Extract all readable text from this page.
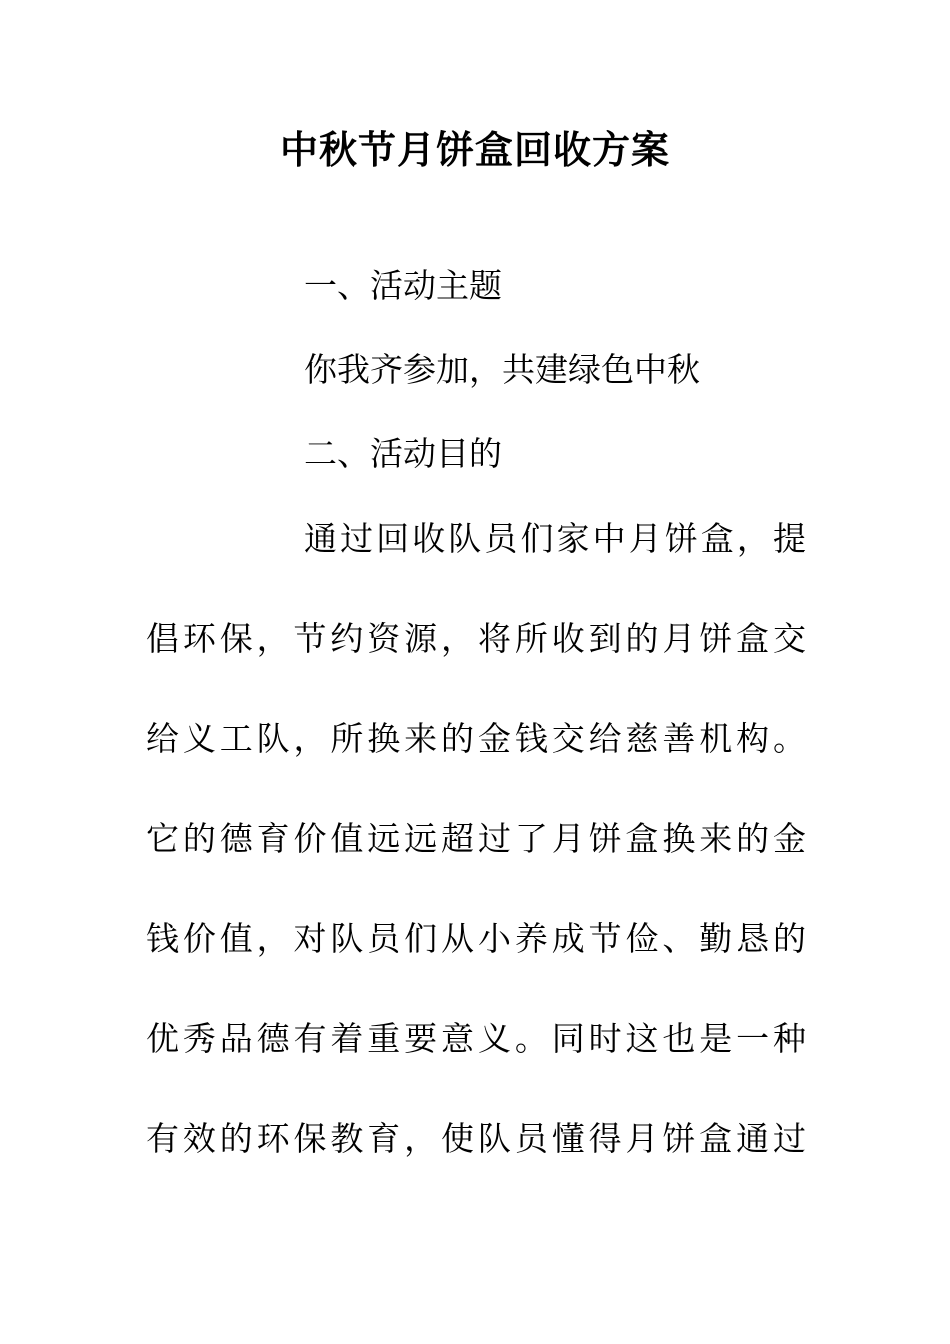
中秋节月饼盒回收方案
一、活动主题
你我齐参加，共建绿色中秋
二、活动目的
通过回收队员们家中月饼盒，提
倡环保，节约资源，将所收到的月饼盒交
给义工队，所换来的金钱交给慈善机构。
它的德育价值远远超过了月饼盒换来的金
钱价值，对队员们从小养成节俭、勤恳的
优秀品德有着重要意义。同时这也是一种
有效的环保教育，使队员懂得月饼盒通过
